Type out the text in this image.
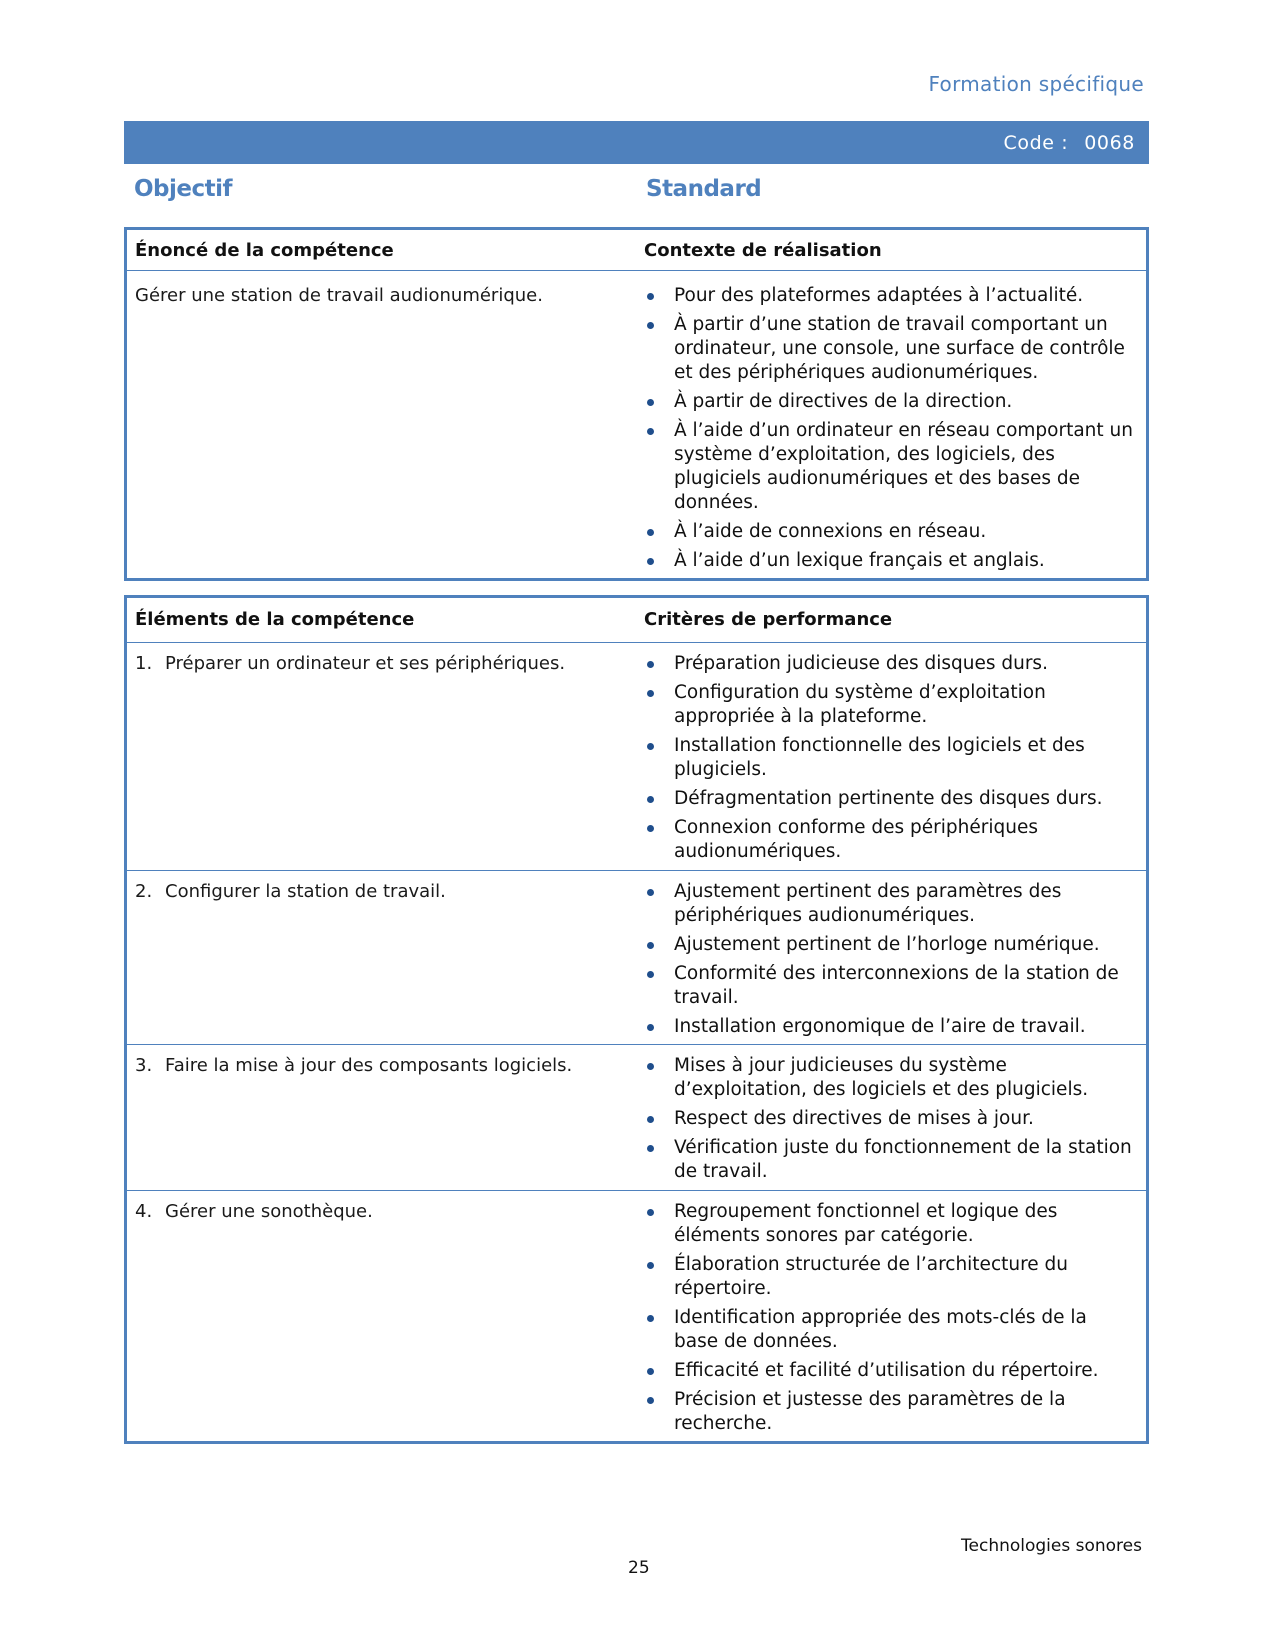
Formation spécifique
Code : 0068
Objectif	Standard
Énoncé de la compétence	Contexte de réalisation
Gérer une station de travail audionumérique.	Pour des plateformes adaptées à l’actualité.
À partir d’une station de travail comportant un ordinateur, une console, une surface de contrôle et des périphériques audionumériques.
À partir de directives de la direction.
À l’aide d’un ordinateur en réseau comportant un système d’exploitation, des logiciels, des plugiciels audionumériques et des bases de données.
À l’aide de connexions en réseau.
À l’aide d’un lexique français et anglais.
Éléments de la compétence	Critères de performance
1. Préparer un ordinateur et ses périphériques.	Préparation judicieuse des disques durs.
Configuration du système d’exploitation appropriée à la plateforme.
Installation fonctionnelle des logiciels et des plugiciels.
Défragmentation pertinente des disques durs.
Connexion conforme des périphériques audionumériques.
2. Configurer la station de travail.	Ajustement pertinent des paramètres des périphériques audionumériques.
Ajustement pertinent de l’horloge numérique.
Conformité des interconnexions de la station de travail.
Installation ergonomique de l’aire de travail.
3. Faire la mise à jour des composants logiciels.	Mises à jour judicieuses du système d’exploitation, des logiciels et des plugiciels.
Respect des directives de mises à jour.
Vérification juste du fonctionnement de la station de travail.
4. Gérer une sonothèque.	Regroupement fonctionnel et logique des éléments sonores par catégorie.
Élaboration structurée de l’architecture du répertoire.
Identification appropriée des mots-clés de la base de données.
Efficacité et facilité d’utilisation du répertoire.
Précision et justesse des paramètres de la recherche.
Technologies sonores
25
